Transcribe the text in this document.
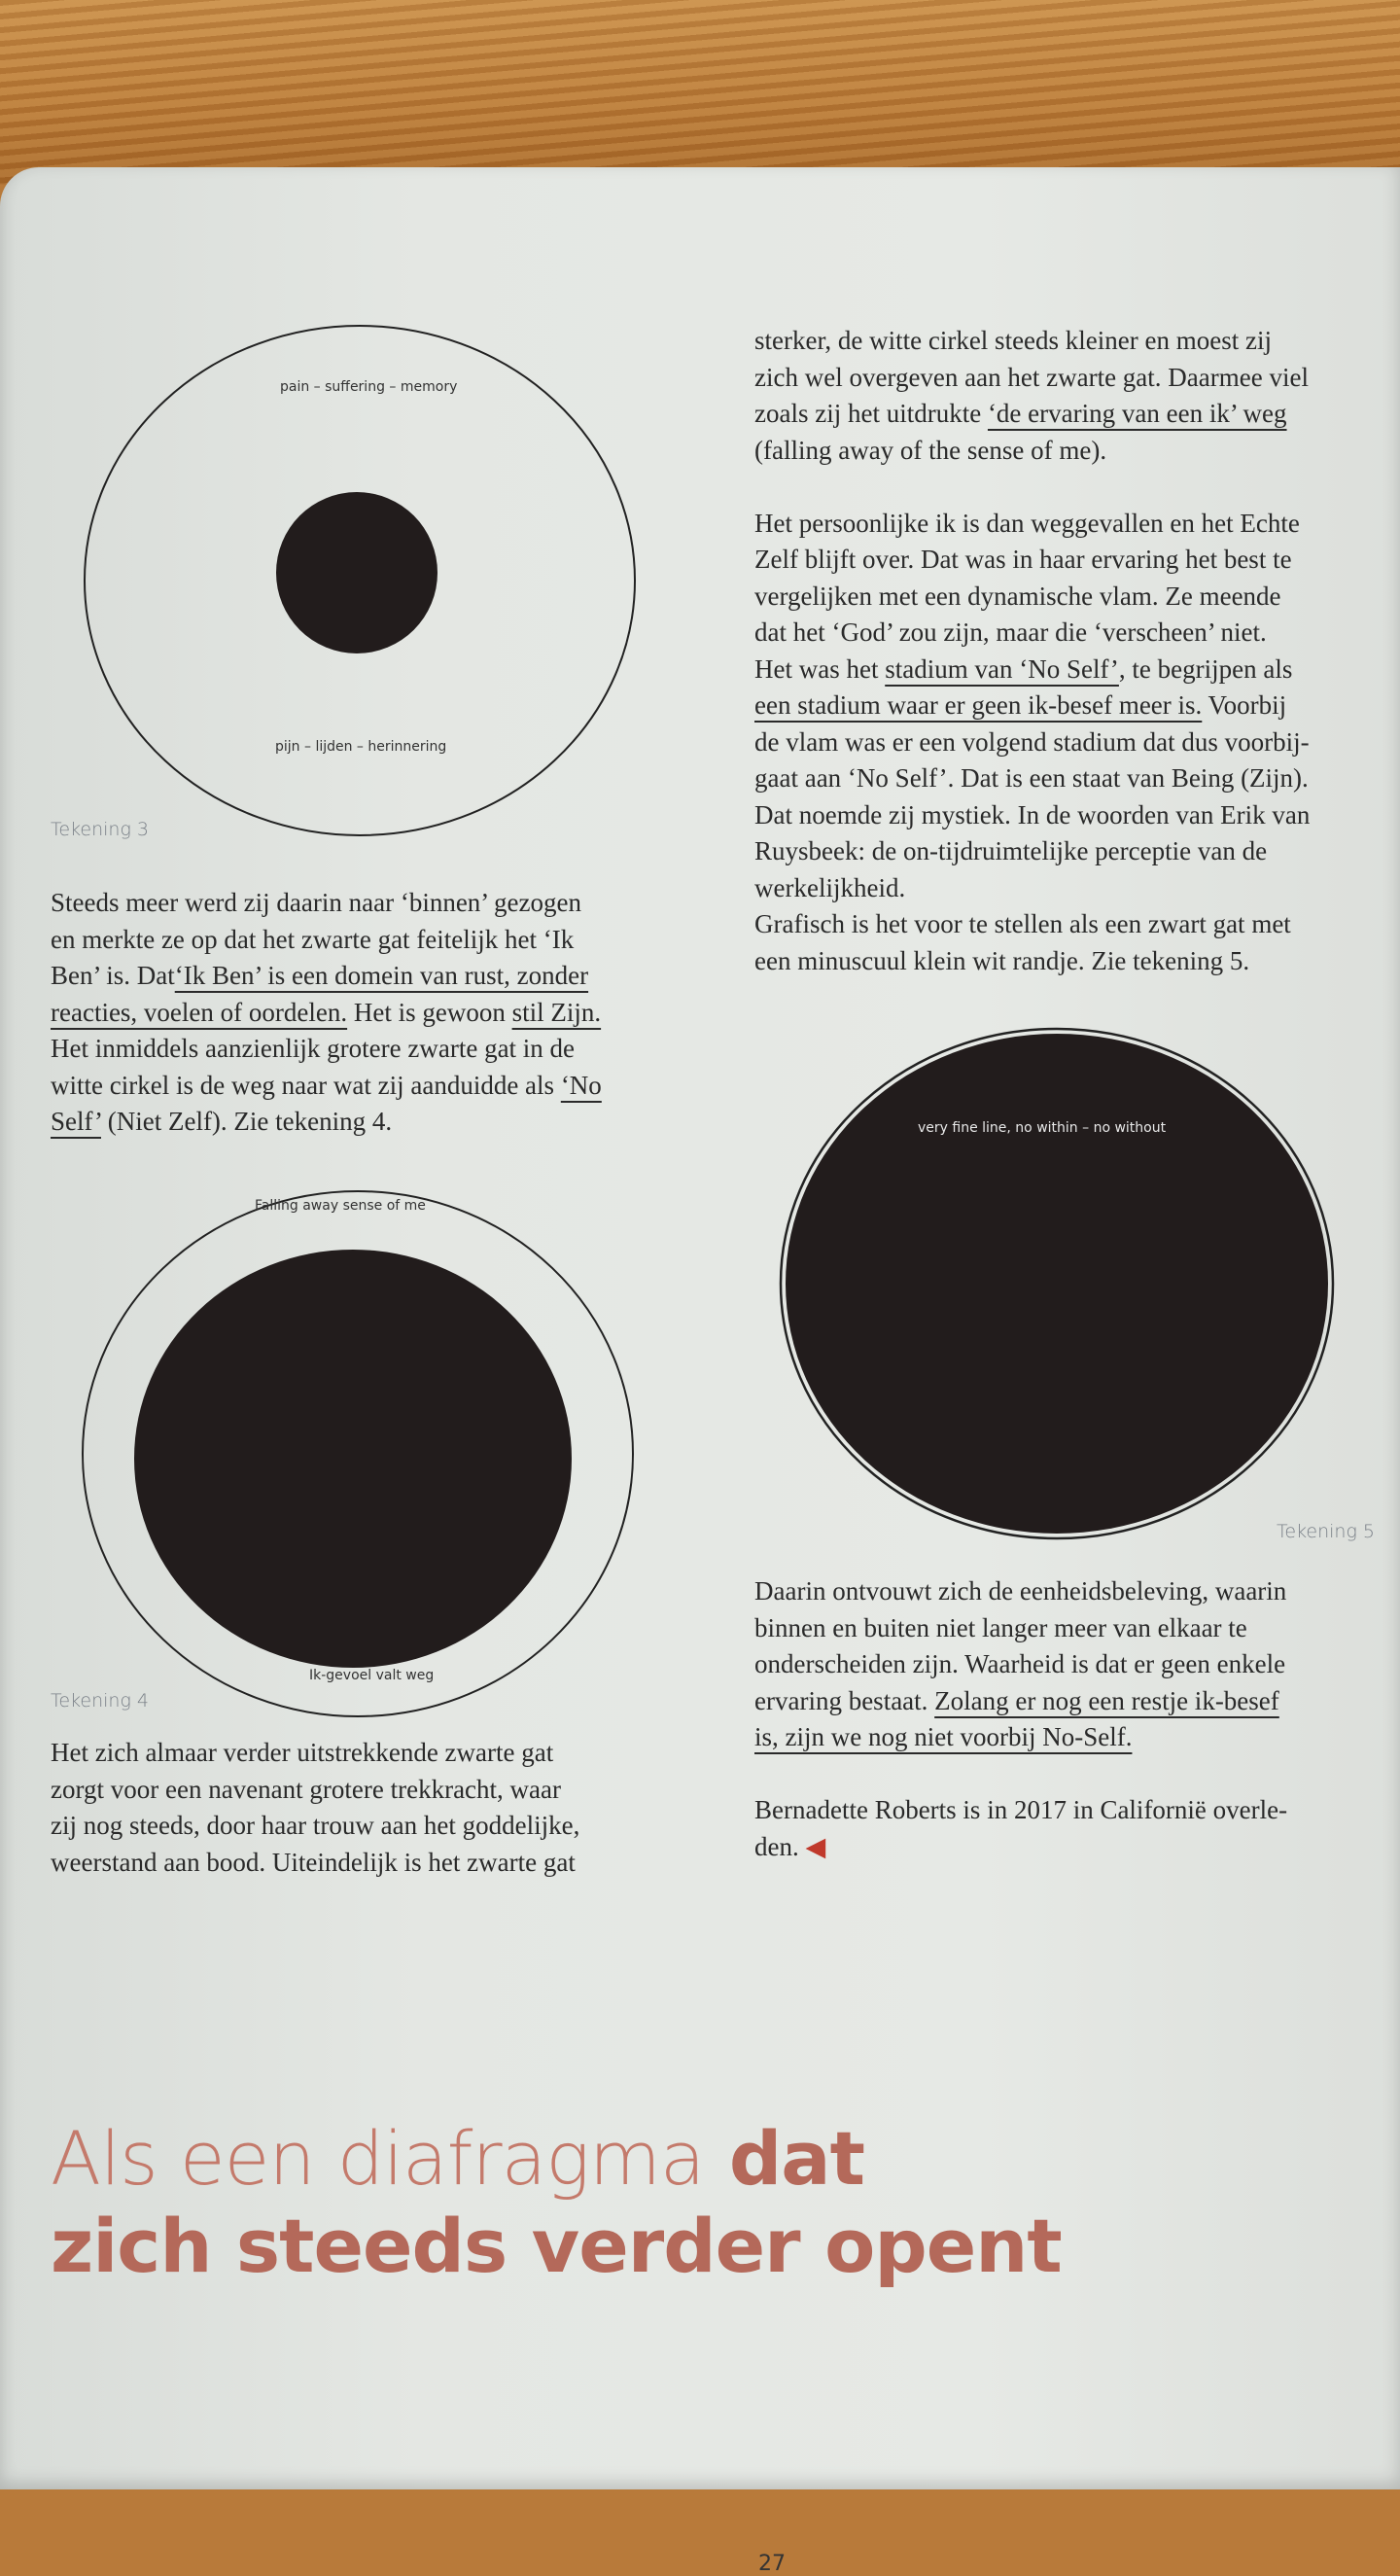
pain – suffering – memory
pijn – lijden – herinnering
Tekening 3

Steeds meer werd zij daarin naar ‘binnen’ gezogen

en merkte ze op dat het zwarte gat feitelijk het ‘Ik

Ben’ is. Dat‘Ik Ben’ is een domein van rust, zonder

reacties, voelen of oordelen. Het is gewoon stil Zijn.

Het inmiddels aanzienlijk grotere zwarte gat in de

witte cirkel is de weg naar wat zij aanduidde als ‘No

Self’ (Niet Zelf). Zie tekening 4.

Falling away sense of me
Ik-gevoel valt weg
Tekening 4

Het zich almaar verder uitstrekkende zwarte gat

zorgt voor een navenant grotere trekkracht, waar

zij nog steeds, door haar trouw aan het goddelijke,

weerstand aan bood. Uiteindelijk is het zwarte gat

sterker, de witte cirkel steeds kleiner en moest zij

zich wel overgeven aan het zwarte gat. Daarmee viel

zoals zij het uitdrukte ‘de ervaring van een ik’ weg

(falling away of the sense of me).

Het persoonlijke ik is dan weggevallen en het Echte

Zelf blijft over. Dat was in haar ervaring het best te

vergelijken met een dynamische vlam. Ze meende

dat het ‘God’ zou zijn, maar die ‘verscheen’ niet.

Het was het stadium van ‘No Self’, te begrijpen als

een stadium waar er geen ik-besef meer is. Voorbij

de vlam was er een volgend stadium dat dus voorbij-

gaat aan ‘No Self’. Dat is een staat van Being (Zijn).

Dat noemde zij mystiek. In de woorden van Erik van

Ruysbeek: de on-tijdruimtelijke perceptie van de

werkelijkheid.

Grafisch is het voor te stellen als een zwart gat met

een minuscuul klein wit randje. Zie tekening 5.

very fine line, no within – no without
Tekening 5

Daarin ontvouwt zich de eenheidsbeleving, waarin

binnen en buiten niet langer meer van elkaar te

onderscheiden zijn. Waarheid is dat er geen enkele

ervaring bestaat. Zolang er nog een restje ik-besef

is, zijn we nog niet voorbij No-Self.

Bernadette Roberts is in 2017 in Californië overle-

den. ◀

Als een diafragma dat
zich steeds verder opent
27
